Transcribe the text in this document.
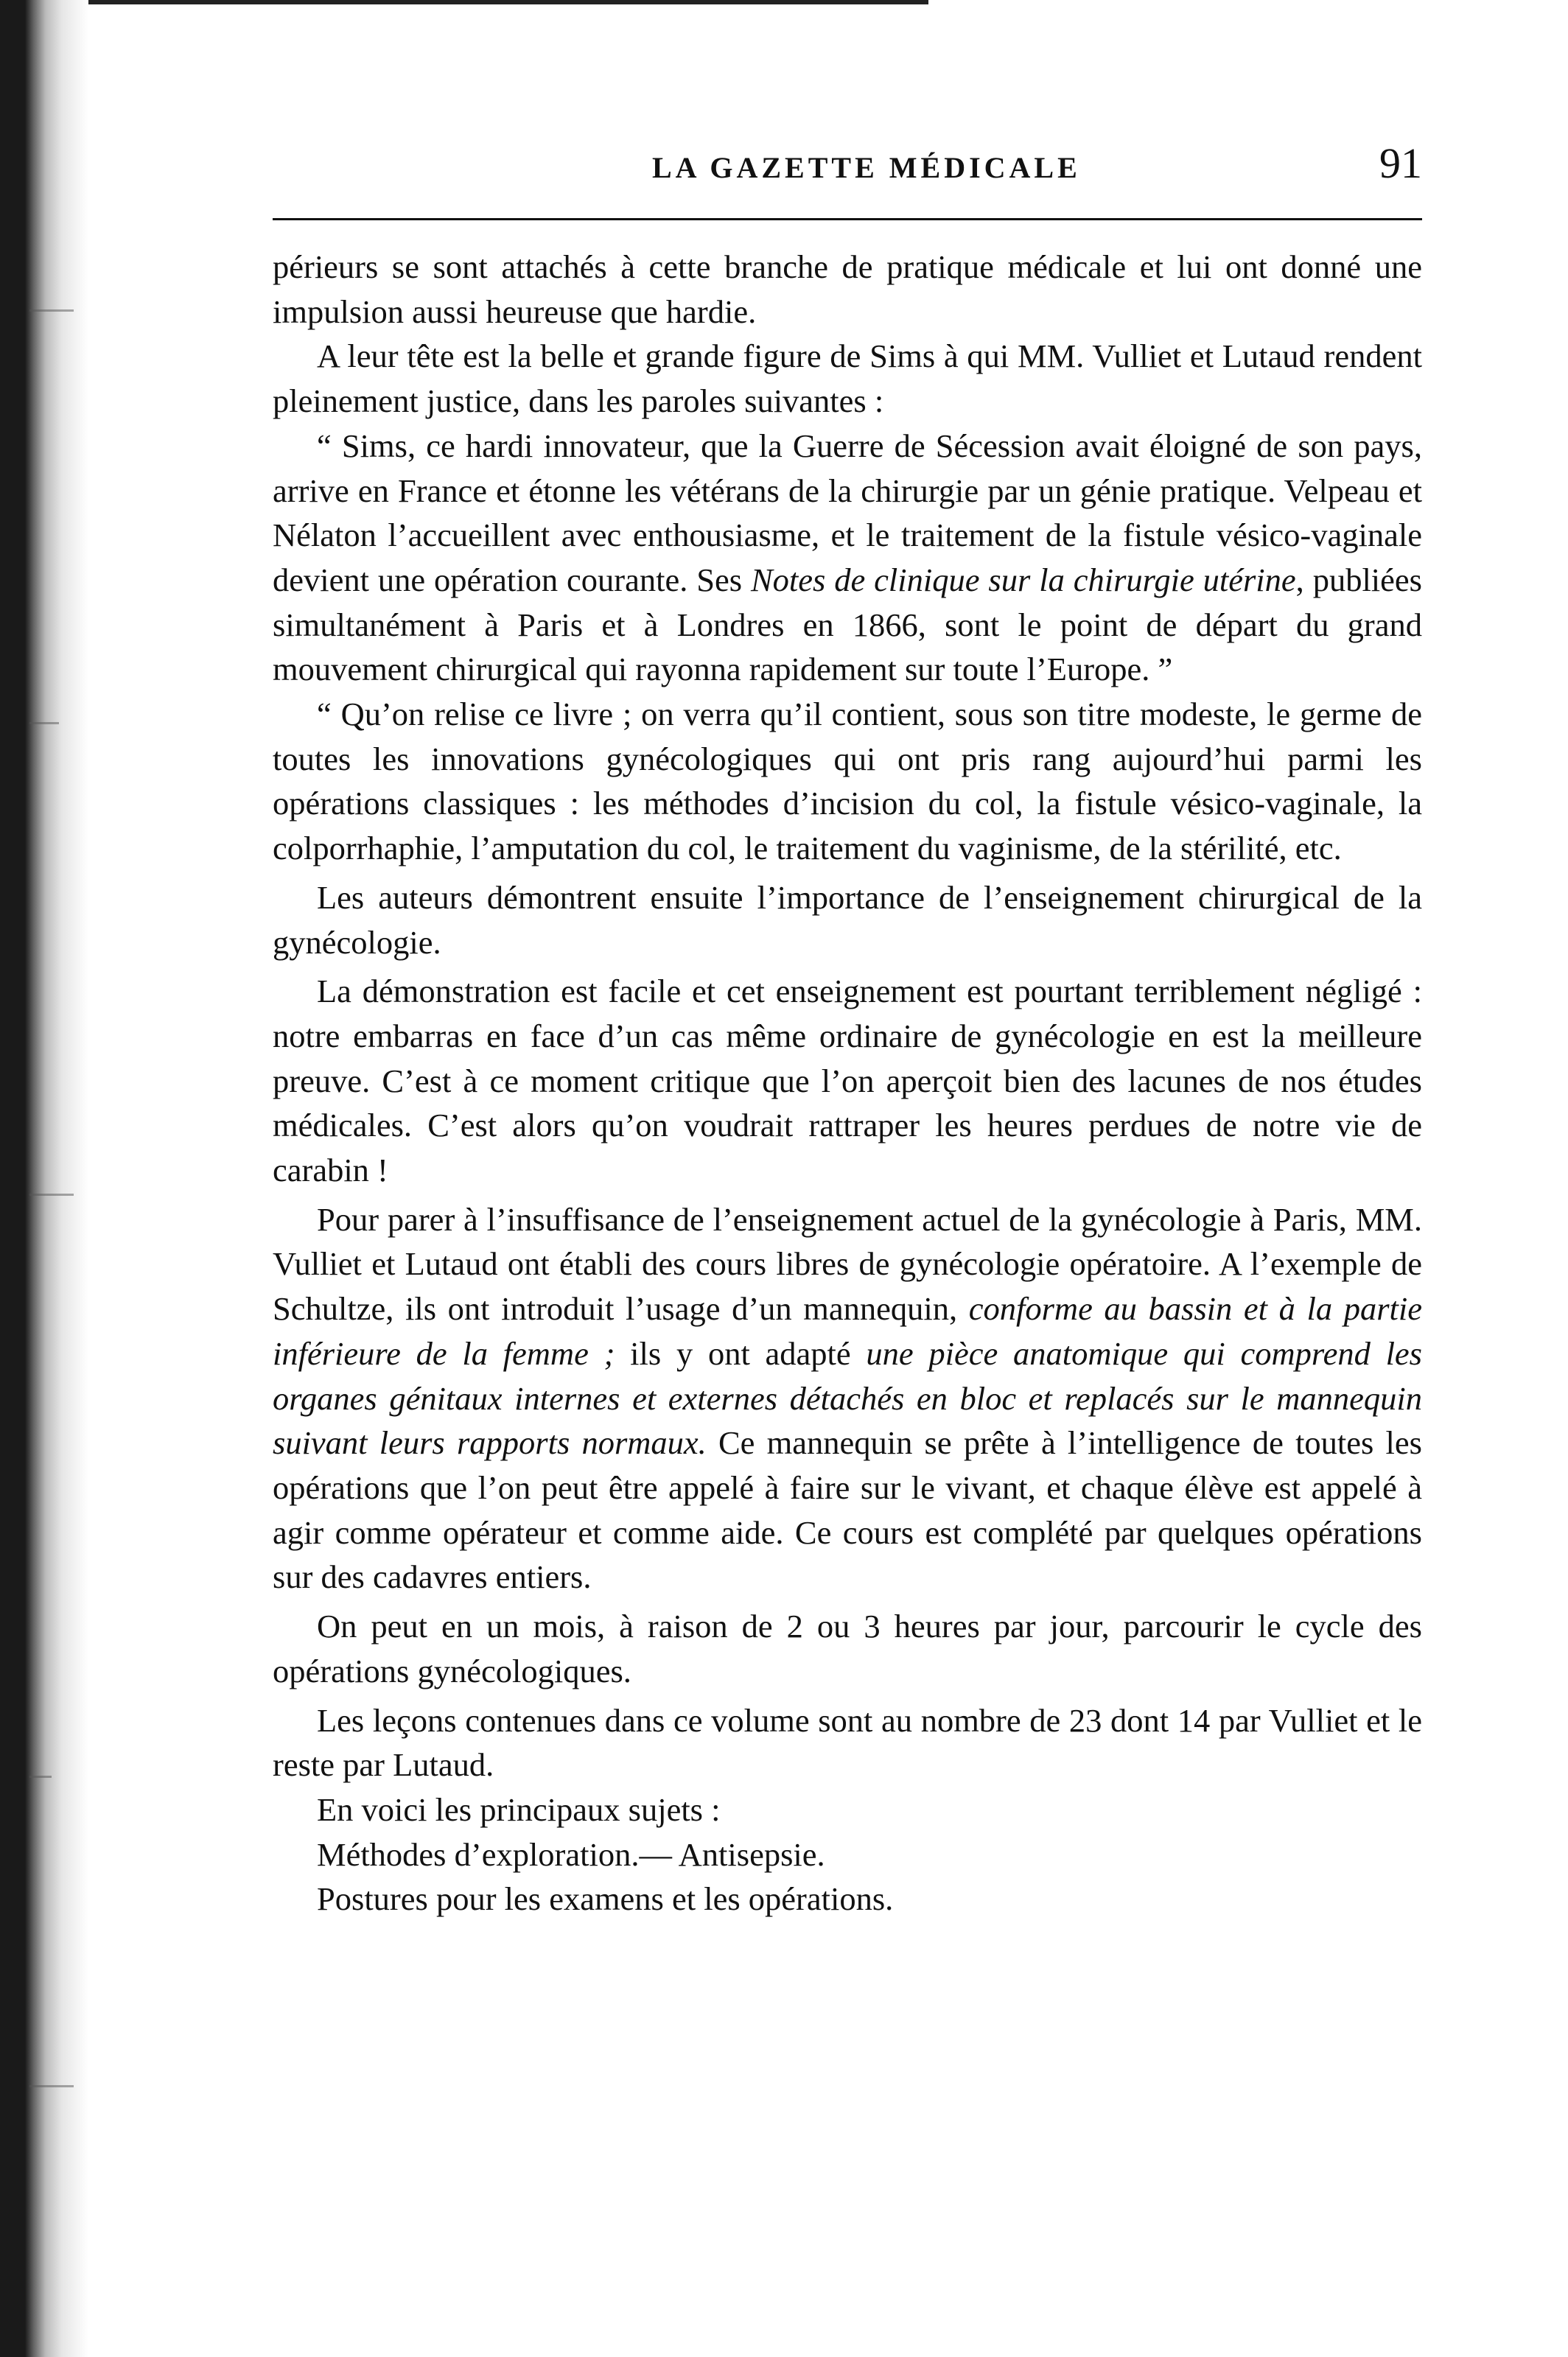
LA GAZETTE MÉDICALE	91

périeurs se sont attachés à cette branche de pratique médicale et lui ont donné une impulsion aussi heureuse que hardie.

A leur tête est la belle et grande figure de Sims à qui MM. Vulliet et Lutaud rendent pleinement justice, dans les paroles suivantes :

“ Sims, ce hardi innovateur, que la Guerre de Sécession avait éloigné de son pays, arrive en France et étonne les vétérans de la chirurgie par un génie pratique. Velpeau et Nélaton l’accueillent avec enthousiasme, et le traitement de la fistule vésico-vaginale devient une opération courante. Ses Notes de clinique sur la chirurgie utérine, publiées simultanément à Paris et à Londres en 1866, sont le point de départ du grand mouvement chirurgical qui rayonna rapidement sur toute l’Europe. ”

“ Qu’on relise ce livre ; on verra qu’il contient, sous son titre modeste, le germe de toutes les innovations gynécologiques qui ont pris rang aujourd’hui parmi les opérations classiques : les méthodes d’incision du col, la fistule vésico-vaginale, la colporrhaphie, l’amputation du col, le traitement du vaginisme, de la stérilité, etc.

Les auteurs démontrent ensuite l’importance de l’enseignement chirurgical de la gynécologie.

La démonstration est facile et cet enseignement est pourtant terriblement négligé : notre embarras en face d’un cas même ordinaire de gynécologie en est la meilleure preuve. C’est à ce moment critique que l’on aperçoit bien des lacunes de nos études médicales. C’est alors qu’on voudrait rattraper les heures perdues de notre vie de carabin !

Pour parer à l’insuffisance de l’enseignement actuel de la gynécologie à Paris, MM. Vulliet et Lutaud ont établi des cours libres de gynécologie opératoire. A l’exemple de Schultze, ils ont introduit l’usage d’un mannequin, conforme au bassin et à la partie inférieure de la femme ; ils y ont adapté une pièce anatomique qui comprend les organes génitaux internes et externes détachés en bloc et replacés sur le mannequin suivant leurs rapports normaux. Ce mannequin se prête à l’intelligence de toutes les opérations que l’on peut être appelé à faire sur le vivant, et chaque élève est appelé à agir comme opérateur et comme aide. Ce cours est complété par quelques opérations sur des cadavres entiers.

On peut en un mois, à raison de 2 ou 3 heures par jour, parcourir le cycle des opérations gynécologiques.

Les leçons contenues dans ce volume sont au nombre de 23 dont 14 par Vulliet et le reste par Lutaud.

En voici les principaux sujets :

Méthodes d’exploration.— Antisepsie.

Postures pour les examens et les opérations.
